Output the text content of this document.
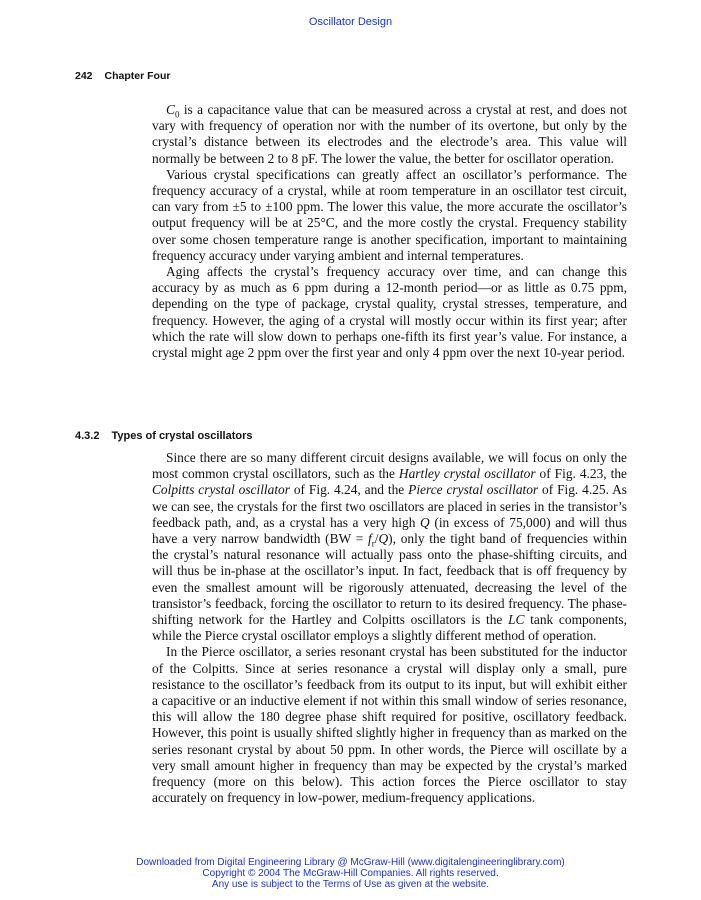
Oscillator Design
242 Chapter Four

$C_0$ is a capacitance value that can be measured across a crystal at rest, and does not vary with frequency of operation nor with the number of its overtone, but only by the crystal’s distance between its electrodes and the electrode’s area. This value will normally be between 2 to 8 pF. The lower the value, the better for oscillator operation.

Various crystal specifications can greatly affect an oscillator’s performance. The frequency accuracy of a crystal, while at room temperature in an oscillator test circuit, can vary from ±5 to ±100 ppm. The lower this value, the more accurate the oscillator’s output frequency will be at 25°C, and the more costly the crystal. Frequency stability over some chosen temperature range is another specification, important to maintaining frequency accuracy under varying ambient and internal temperatures.

Aging affects the crystal’s frequency accuracy over time, and can change this accuracy by as much as 6 ppm during a 12-month period—or as little as 0.75 ppm, depending on the type of package, crystal quality, crystal stresses, temperature, and frequency. However, the aging of a crystal will mostly occur within its first year; after which the rate will slow down to perhaps one-fifth its first year’s value. For instance, a crystal might age 2 ppm over the first year and only 4 ppm over the next 10-year period.

4.3.2 Types of crystal oscillators

Since there are so many different circuit designs available, we will focus on only the most common crystal oscillators, such as the Hartley crystal oscillator of Fig. 4.23, the Colpitts crystal oscillator of Fig. 4.24, and the Pierce crystal oscillator of Fig. 4.25. As we can see, the crystals for the first two oscillators are placed in series in the transistor’s feedback path, and, as a crystal has a very high Q (in excess of 75,000) and will thus have a very narrow bandwidth $(BW = f_r/Q)$, only the tight band of frequencies within the crystal’s natural resonance will actually pass onto the phase-shifting circuits, and will thus be in-phase at the oscillator’s input. In fact, feedback that is off frequency by even the smallest amount will be rigorously attenuated, decreasing the level of the transistor’s feedback, forcing the oscillator to return to its desired frequency. The phase-shifting network for the Hartley and Colpitts oscillators is the LC tank components, while the Pierce crystal oscillator employs a slightly different method of operation.

In the Pierce oscillator, a series resonant crystal has been substituted for the inductor of the Colpitts. Since at series resonance a crystal will display only a small, pure resistance to the oscillator’s feedback from its output to its input, but will exhibit either a capacitive or an inductive element if not within this small window of series resonance, this will allow the 180 degree phase shift required for positive, oscillatory feedback. However, this point is usually shifted slightly higher in frequency than as marked on the series resonant crystal by about 50 ppm. In other words, the Pierce will oscillate by a very small amount higher in frequency than may be expected by the crystal’s marked frequency (more on this below). This action forces the Pierce oscillator to stay accurately on frequency in low-power, medium-frequency applications.

Downloaded from Digital Engineering Library @ McGraw-Hill (www.digitalengineeringlibrary.com)
Copyright © 2004 The McGraw-Hill Companies. All rights reserved.
Any use is subject to the Terms of Use as given at the website.
